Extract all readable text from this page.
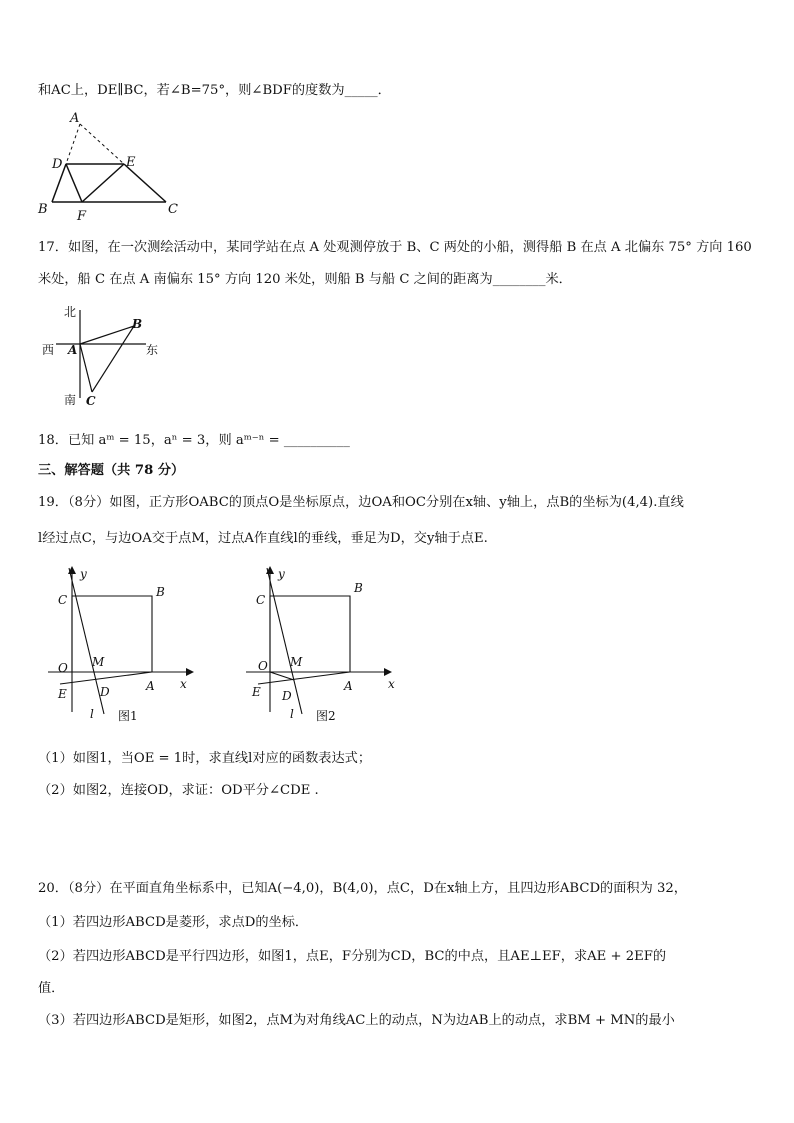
和AC上，DE∥BC，若∠B=75°，则∠BDF的度数为_____．
A
B	C
D	E
F
17．如图，在一次测绘活动中，某同学站在点 A 处观测停放于 B、C 两处的小船，测得船 B 在点 A 北偏东 75° 方向 160
米处，船 C 在点 A 南偏东 15° 方向 120 米处，则船 B 与船 C 之间的距离为________米．
北
西	东
南
A
B
C
18．已知 aᵐ = 15，aⁿ = 3，则 aᵐ⁻ⁿ = __________
三、解答题（共 78 分）
19．（8分）如图，正方形OABC的顶点O是坐标原点，边OA和OC分别在x轴、y轴上，点B的坐标为(4,4).直线
l经过点C，与边OA交于点M，过点A作直线l的垂线，垂足为D，交y轴于点E.
x
y
O
A
B
C
M
E	D
l 图1
x
y
O
A
B
C
M
E D
l 图2
（1）如图1，当OE = 1时，求直线l对应的函数表达式；
（2）如图2，连接OD，求证：OD平分∠CDE .
20．（8分）在平面直角坐标系中，已知A(−4,0)，B(4,0)，点C，D在x轴上方，且四边形ABCD的面积为 32，
（1）若四边形ABCD是菱形，求点D的坐标．
（2）若四边形ABCD是平行四边形，如图1，点E，F分别为CD，BC的中点，且AE⊥EF，求AE + 2EF的
值．
（3）若四边形ABCD是矩形，如图2，点M为对角线AC上的动点，N为边AB上的动点，求BM + MN的最小
